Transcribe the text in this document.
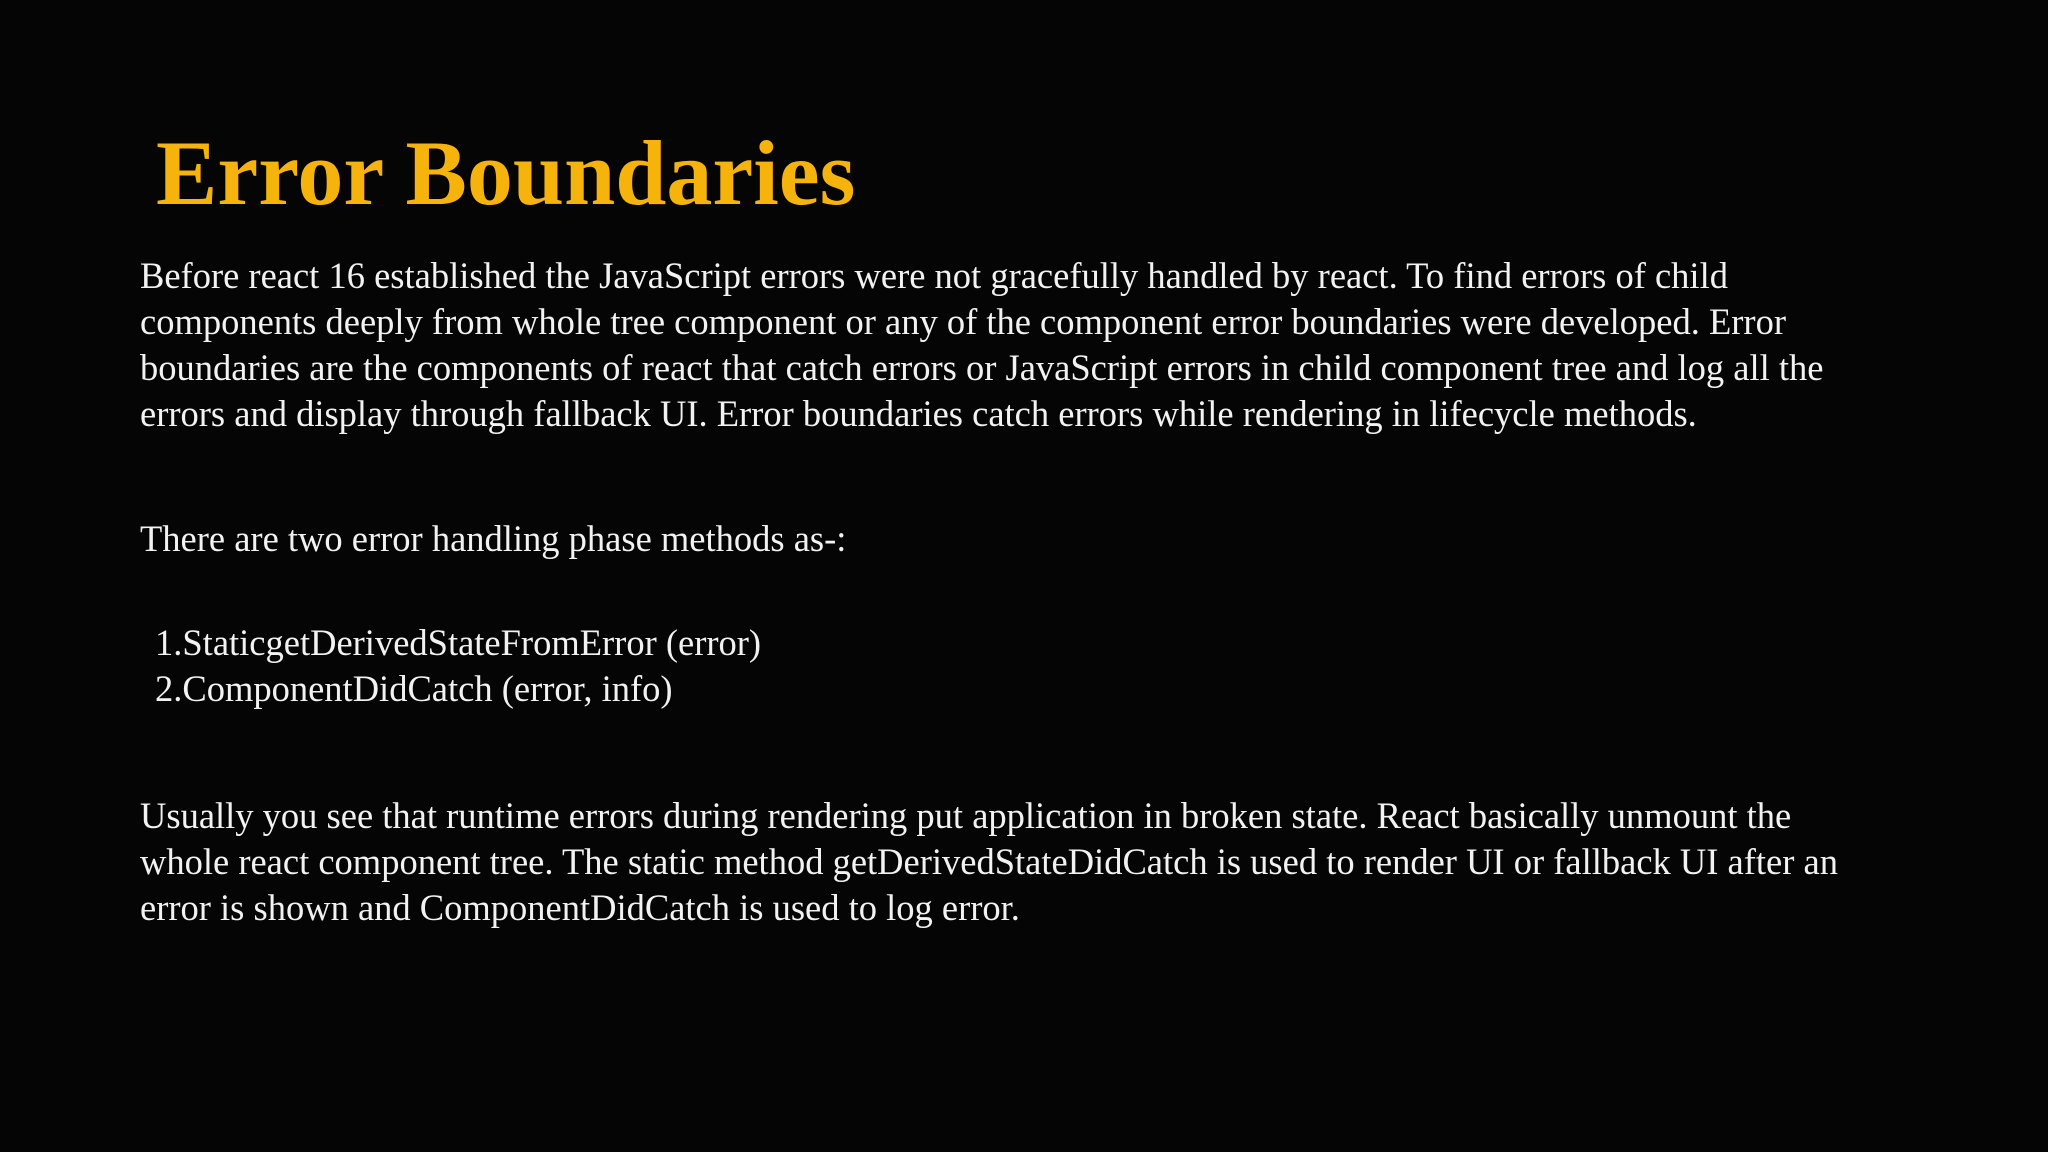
Error Boundaries

Before react 16 established the JavaScript errors were not gracefully handled by react. To find errors of child
components deeply from whole tree component or any of the component error boundaries were developed. Error
boundaries are the components of react that catch errors or JavaScript errors in child component tree and log all the
errors and display through fallback UI. Error boundaries catch errors while rendering in lifecycle methods.

There are two error handling phase methods as-:

1.StaticgetDerivedStateFromError (error)
2.ComponentDidCatch (error, info)

Usually you see that runtime errors during rendering put application in broken state. React basically unmount the
whole react component tree. The static method getDerivedStateDidCatch is used to render UI or fallback UI after an
error is shown and ComponentDidCatch is used to log error.
